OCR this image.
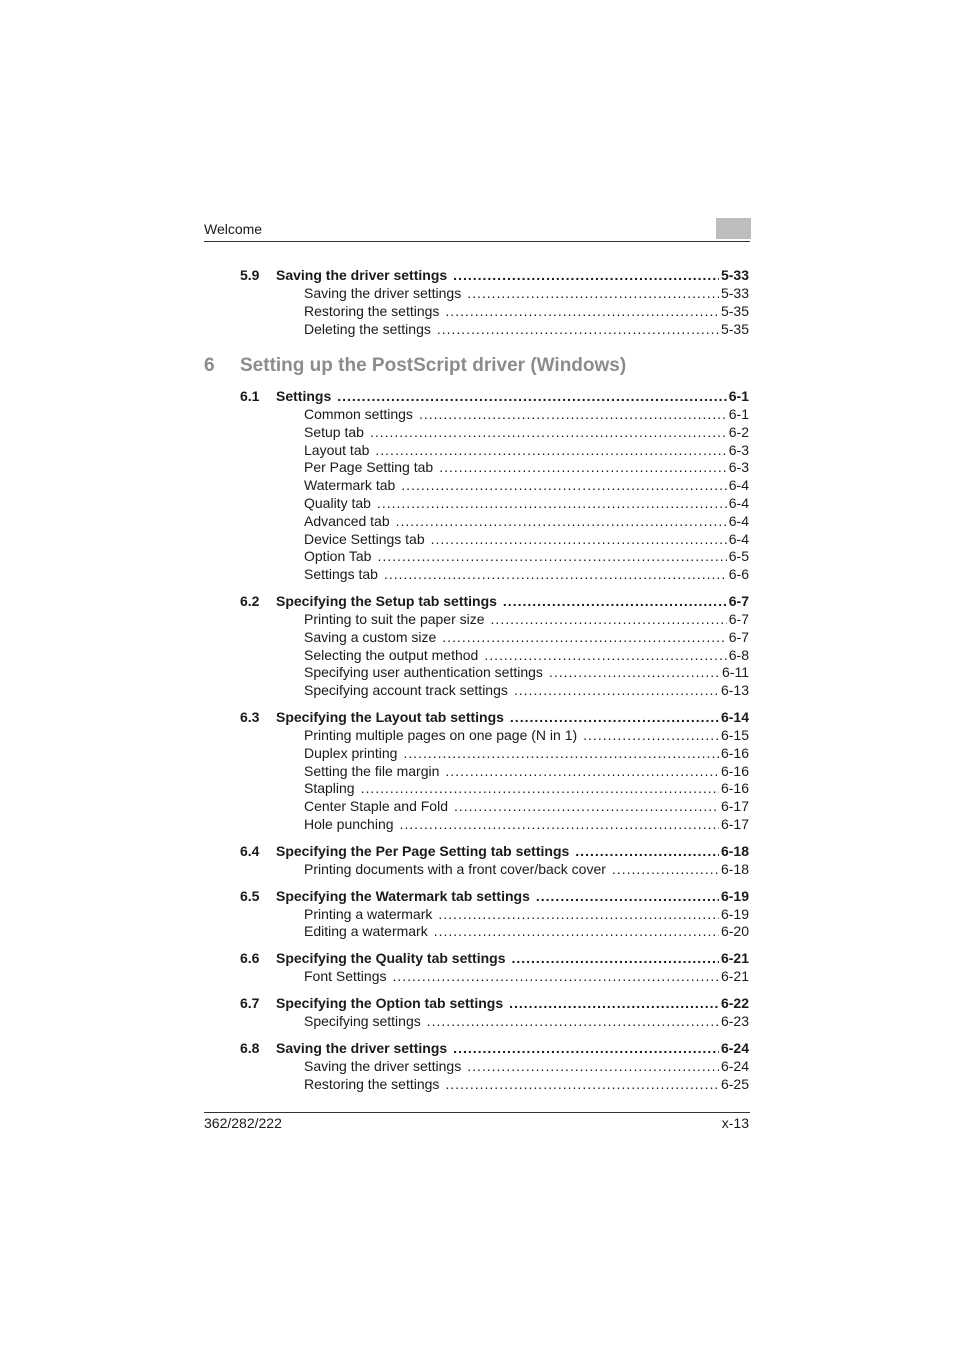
Welcome
5.9	Saving the driver settings .....	5-33
Saving the driver settings .....	5-33
Restoring the settings .....	5-35
Deleting the settings .....	5-35
6 Setting up the PostScript driver (Windows)
6.1	Settings .....	6-1
Common settings .....	6-1
Setup tab .....	6-2
Layout tab .....	6-3
Per Page Setting tab .....	6-3
Watermark tab .....	6-4
Quality tab .....	6-4
Advanced tab .....	6-4
Device Settings tab .....	6-4
Option Tab .....	6-5
Settings tab .....	6-6
6.2	Specifying the Setup tab settings .....	6-7
Printing to suit the paper size .....	6-7
Saving a custom size .....	6-7
Selecting the output method .....	6-8
Specifying user authentication settings .....	6-11
Specifying account track settings .....	6-13
6.3	Specifying the Layout tab settings .....	6-14
Printing multiple pages on one page (N in 1) .....	6-15
Duplex printing .....	6-16
Setting the file margin .....	6-16
Stapling .....	6-16
Center Staple and Fold .....	6-17
Hole punching .....	6-17
6.4	Specifying the Per Page Setting tab settings .....	6-18
Printing documents with a front cover/back cover .....	6-18
6.5	Specifying the Watermark tab settings .....	6-19
Printing a watermark .....	6-19
Editing a watermark .....	6-20
6.6	Specifying the Quality tab settings .....	6-21
Font Settings .....	6-21
6.7	Specifying the Option tab settings .....	6-22
Specifying settings .....	6-23
6.8	Saving the driver settings .....	6-24
Saving the driver settings .....	6-24
Restoring the settings .....	6-25
362/282/222	x-13
